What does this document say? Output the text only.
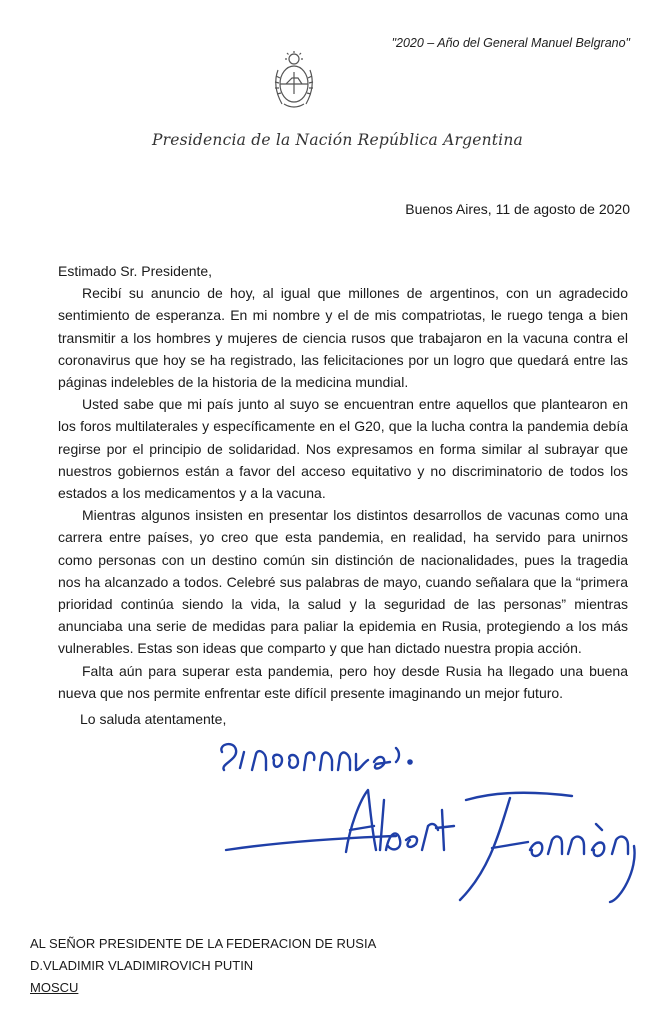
"2020 – Año del General Manuel Belgrano"
Presidencia de la Nación República Argentina
Buenos Aires, 11 de agosto de 2020

Estimado Sr. Presidente,

Recibí su anuncio de hoy, al igual que millones de argentinos, con un agradecido sentimiento de esperanza. En mi nombre y el de mis compatriotas, le ruego tenga a bien transmitir a los hombres y mujeres de ciencia rusos que trabajaron en la vacuna contra el coronavirus que hoy se ha registrado, las felicitaciones por un logro que quedará entre las páginas indelebles de la historia de la medicina mundial.

Usted sabe que mi país junto al suyo se encuentran entre aquellos que plantearon en los foros multilaterales y específicamente en el G20, que la lucha contra la pandemia debía regirse por el principio de solidaridad. Nos expresamos en forma similar al subrayar que nuestros gobiernos están a favor del acceso equitativo y no discriminatorio de todos los estados a los medicamentos y a la vacuna.

Mientras algunos insisten en presentar los distintos desarrollos de vacunas como una carrera entre países, yo creo que esta pandemia, en realidad, ha servido para unirnos como personas con un destino común sin distinción de nacionalidades, pues la tragedia nos ha alcanzado a todos. Celebré sus palabras de mayo, cuando señalara que la “primera prioridad continúa siendo la vida, la salud y la seguridad de las personas” mientras anunciaba una serie de medidas para paliar la epidemia en Rusia, protegiendo a los más vulnerables. Estas son ideas que comparto y que han dictado nuestra propia acción.

Falta aún para superar esta pandemia, pero hoy desde Rusia ha llegado una buena nueva que nos permite enfrentar este difícil presente imaginando un mejor futuro.

Lo saluda atentamente,
AL SEÑOR PRESIDENTE DE LA FEDERACION DE RUSIA
D.VLADIMIR VLADIMIROVICH PUTIN
MOSCU
